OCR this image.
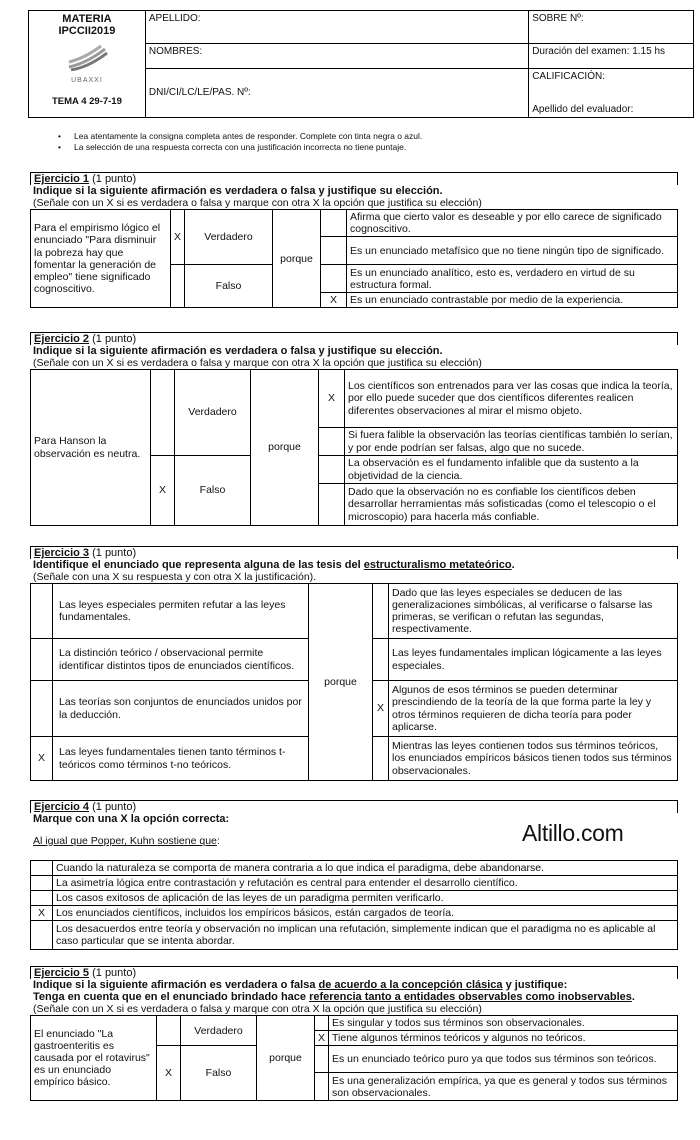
MATERIA
IPCCII2019
UBAXXI
TEMA 4 29-7-19	APELLIDO:	SOBRE Nº:
	NOMBRES:	Duración del examen: 1.15 hs
	DNI/CI/LC/LE/PAS. Nº:	CALIFICACIÓN:
		Apellido del evaluador:
• Lea atentamente la consigna completa antes de responder. Complete con tinta negra o azul.
• La selección de una respuesta correcta con una justificación incorrecta no tiene puntaje.
Ejercicio 1 (1 punto)
Indique si la siguiente afirmación es verdadera o falsa y justifique su elección.
(Señale con un X si es verdadera o falsa y marque con otra X la opción que justifica su elección)
Para el empirismo lógico el enunciado "Para disminuir la pobreza hay que fomentar la generación de empleo" tiene significado cognoscitivo.	X	Verdadero	porque		Afirma que cierto valor es deseable y por ello carece de significado cognoscitivo.
					Es un enunciado metafísico que no tiene ningún tipo de significado.
		Falso			Es un enunciado analítico, esto es, verdadero en virtud de su estructura formal.
				X	Es un enunciado contrastable por medio de la experiencia.
Ejercicio 2 (1 punto)
Indique si la siguiente afirmación es verdadera o falsa y justifique su elección.
(Señale con un X si es verdadera o falsa y marque con otra X la opción que justifica su elección)
Para Hanson la observación es neutra.		Verdadero	porque	X	Los científicos son entrenados para ver las cosas que indica la teoría, por ello puede suceder que dos científicos diferentes realicen diferentes observaciones al mirar el mismo objeto.
					Si fuera falible la observación las teorías científicas también lo serían, y por ende podrían ser falsas, algo que no sucede.
	X	Falso			La observación es el fundamento infalible que da sustento a la objetividad de la ciencia.
					Dado que la observación no es confiable los científicos deben desarrollar herramientas más sofisticadas (como el telescopio o el microscopio) para hacerla más confiable.
Ejercicio 3 (1 punto)
Identifique el enunciado que representa alguna de las tesis del estructuralismo metateórico.
(Señale con una X su respuesta y con otra X la justificación).
	Las leyes especiales permiten refutar a las leyes fundamentales.	porque		Dado que las leyes especiales se deducen de las generalizaciones simbólicas, al verificarse o falsarse las primeras, se verifican o refutan las segundas, respectivamente.
	La distinción teórico / observacional permite identificar distintos tipos de enunciados científicos.			Las leyes fundamentales implican lógicamente a las leyes especiales.
	Las teorías son conjuntos de enunciados unidos por la deducción.		X	Algunos de esos términos se pueden determinar prescindiendo de la teoría de la que forma parte la ley y otros términos requieren de dicha teoría para poder aplicarse.
X	Las leyes fundamentales tienen tanto términos t-teóricos como términos t-no teóricos.			Mientras las leyes contienen todos sus términos teóricos, los enunciados empíricos básicos tienen todos sus términos observacionales.
Ejercicio 4 (1 punto)
Marque con una X la opción correcta:
Al igual que Popper, Kuhn sostiene que:
	Cuando la naturaleza se comporta de manera contraria a lo que indica el paradigma, debe abandonarse.
	La asimetría lógica entre contrastación y refutación es central para entender el desarrollo científico.
	Los casos exitosos de aplicación de las leyes de un paradigma permiten verificarlo.
X	Los enunciados científicos, incluidos los empíricos básicos, están cargados de teoría.
	Los desacuerdos entre teoría y observación no implican una refutación, simplemente indican que el paradigma no es aplicable al caso particular que se intenta abordar.
Altillo.com
Ejercicio 5 (1 punto)
Indique si la siguiente afirmación es verdadera o falsa de acuerdo a la concepción clásica y justifique:
Tenga en cuenta que en el enunciado brindado hace referencia tanto a entidades observables como inobservables.
(Señale con un X si es verdadera o falsa y marque con otra X la opción que justifica su elección)
El enunciado "La gastroenteritis es causada por el rotavirus" es un enunciado empírico básico.		Verdadero	porque		Es singular y todos sus términos son observacionales.
				X	Tiene algunos términos teóricos y algunos no teóricos.
	X	Falso			Es un enunciado teórico puro ya que todos sus términos son teóricos.
					Es una generalización empírica, ya que es general y todos sus términos son observacionales.
